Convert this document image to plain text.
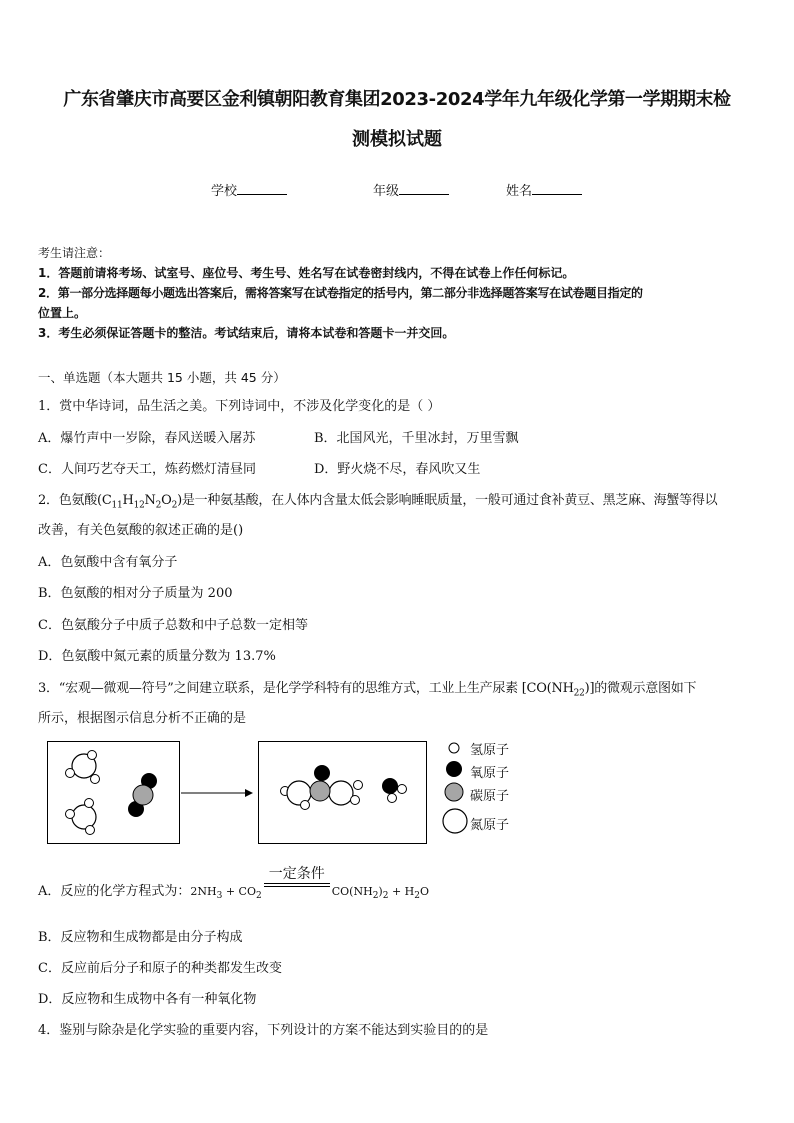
广东省肇庆市高要区金利镇朝阳教育集团2023-2024学年九年级化学第一学期期末检
测模拟试题
学校	年级	姓名
考生请注意：
1．答题前请将考场、试室号、座位号、考生号、姓名写在试卷密封线内，不得在试卷上作任何标记。
2．第一部分选择题每小题选出答案后，需将答案写在试卷指定的括号内，第二部分非选择题答案写在试卷题目指定的
位置上。
3．考生必须保证答题卡的整洁。考试结束后，请将本试卷和答题卡一并交回。
一、单选题（本大题共 15 小题，共 45 分）
1．赏中华诗词，品生活之美。下列诗词中，不涉及化学变化的是（ ）
A．爆竹声中一岁除，春风送暖入屠苏	B．北国风光，千里冰封，万里雪飘
C．人间巧艺夺天工，炼药燃灯清昼同	D．野火烧不尽，春风吹又生
2．色氨酸$(C_{11}H_{12}N_2O_2)$是一种氨基酸，在人体内含量太低会影响睡眠质量，一般可通过食补黄豆、黑芝麻、海蟹等得以
改善，有关色氨酸的叙述正确的是()
A．色氨酸中含有氧分子
B．色氨酸的相对分子质量为 200
C．色氨酸分子中质子总数和中子总数一定相等
D．色氨酸中氮元素的质量分数为 13.7%
3．“宏观—微观—符号”之间建立联系，是化学学科特有的思维方式，工业上生产尿素 $[CO(NH_{22})]$的微观示意图如下
所示，根据图示信息分析不正确的是
氢原子
氧原子
碳原子
氮原子
A．反应的化学方程式为：$2NH_3 + CO_2$
一定条件
$CO(NH_2)_2 + H_2O$
B．反应物和生成物都是由分子构成
C．反应前后分子和原子的种类都发生改变
D．反应物和生成物中各有一种氧化物
4．鉴别与除杂是化学实验的重要内容，下列设计的方案不能达到实验目的的是
